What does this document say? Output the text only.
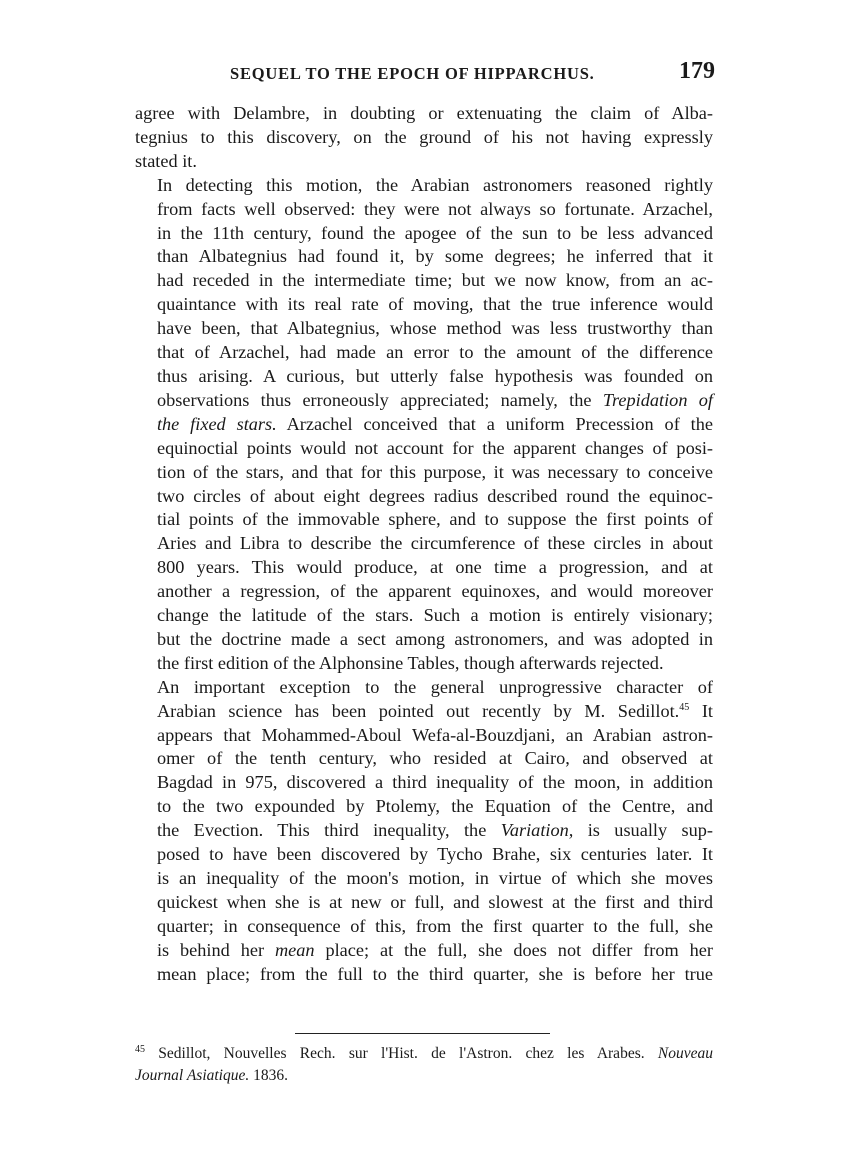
SEQUEL TO THE EPOCH OF HIPPARCHUS.	179

agree with Delambre, in doubting or extenuating the claim of Alba-
tegnius to this discovery, on the ground of his not having expressly
stated it.

In detecting this motion, the Arabian astronomers reasoned rightly
from facts well observed: they were not always so fortunate. Arzachel,
in the 11th century, found the apogee of the sun to be less advanced
than Albategnius had found it, by some degrees; he inferred that it
had receded in the intermediate time; but we now know, from an ac-
quaintance with its real rate of moving, that the true inference would
have been, that Albategnius, whose method was less trustworthy than
that of Arzachel, had made an error to the amount of the difference
thus arising. A curious, but utterly false hypothesis was founded on
observations thus erroneously appreciated; namely, the Trepidation of
the fixed stars. Arzachel conceived that a uniform Precession of the
equinoctial points would not account for the apparent changes of posi-
tion of the stars, and that for this purpose, it was necessary to conceive
two circles of about eight degrees radius described round the equinoc-
tial points of the immovable sphere, and to suppose the first points of
Aries and Libra to describe the circumference of these circles in about
800 years. This would produce, at one time a progression, and at
another a regression, of the apparent equinoxes, and would moreover
change the latitude of the stars. Such a motion is entirely visionary;
but the doctrine made a sect among astronomers, and was adopted in
the first edition of the Alphonsine Tables, though afterwards rejected.

An important exception to the general unprogressive character of
Arabian science has been pointed out recently by M. Sedillot.$^{45}$ It
appears that Mohammed-Aboul Wefa-al-Bouzdjani, an Arabian astron-
omer of the tenth century, who resided at Cairo, and observed at
Bagdad in 975, discovered a third inequality of the moon, in addition
to the two expounded by Ptolemy, the Equation of the Centre, and
the Evection. This third inequality, the Variation, is usually sup-
posed to have been discovered by Tycho Brahe, six centuries later. It
is an inequality of the moon's motion, in virtue of which she moves
quickest when she is at new or full, and slowest at the first and third
quarter; in consequence of this, from the first quarter to the full, she
is behind her mean place; at the full, she does not differ from her
mean place; from the full to the third quarter, she is before her true

$^{45}$ Sedillot, Nouvelles Rech. sur l'Hist. de l'Astron. chez les Arabes. Nouveau
Journal Asiatique. 1836.
